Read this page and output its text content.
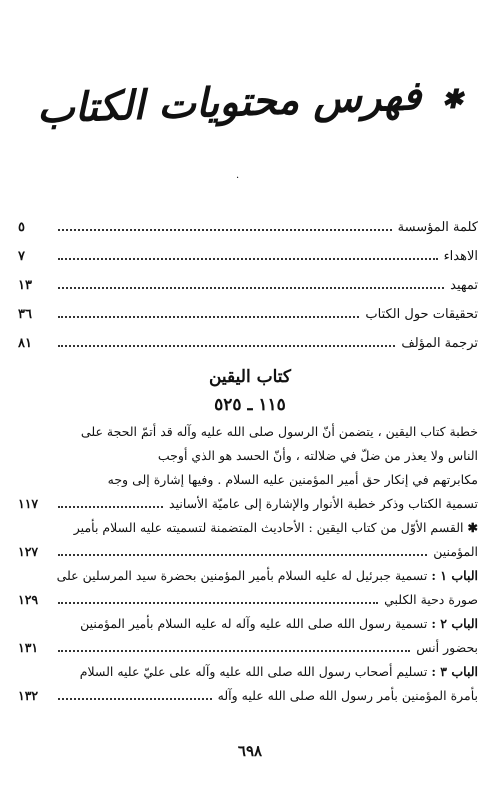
✱ فهرس محتويات الكتاب
·
كلمة المؤسسة
٥
الاهداء
٧
تمهيد
١٣
تحقيقات حول الكتاب
٣٦
ترجمة المؤلف
٨١
كتاب اليقين
١١٥ ـ ٥٢٥
خطبة كتاب اليقين ، يتضمن أنّ الرسول صلى الله عليه وآله قد أتمّ الحجة على
الناس ولا يعذر من ضلّ في ضلالته ، وأنّ الحسد هو الذي أوجب
مكابرتهم في إنكار حق أمير المؤمنين عليه السلام . وفيها إشارة إلى وجه
تسمية الكتاب وذكر خطبة الأنوار والإشارة إلى عاميّة الأسانيد
١١٧
✱
القسم الأوّل من كتاب اليقين : الأحاديث المتضمنة لتسميته عليه السلام بأمير
المؤمنين
١٢٧
الباب ١ :
تسمية جبرئيل له عليه السلام بأمير المؤمنين بحضرة سيد المرسلين على
صورة دحية الكلبي
١٢٩
الباب ٢ :
تسمية رسول الله صلى الله عليه وآله له عليه السلام بأمير المؤمنين
بحضور أنس
١٣١
الباب ٣ :
تسليم أصحاب رسول الله صلى الله عليه وآله على عليّ عليه السلام
بأمرة المؤمنين بأمر رسول الله صلى الله عليه وآله
١٣٢
٦٩٨
